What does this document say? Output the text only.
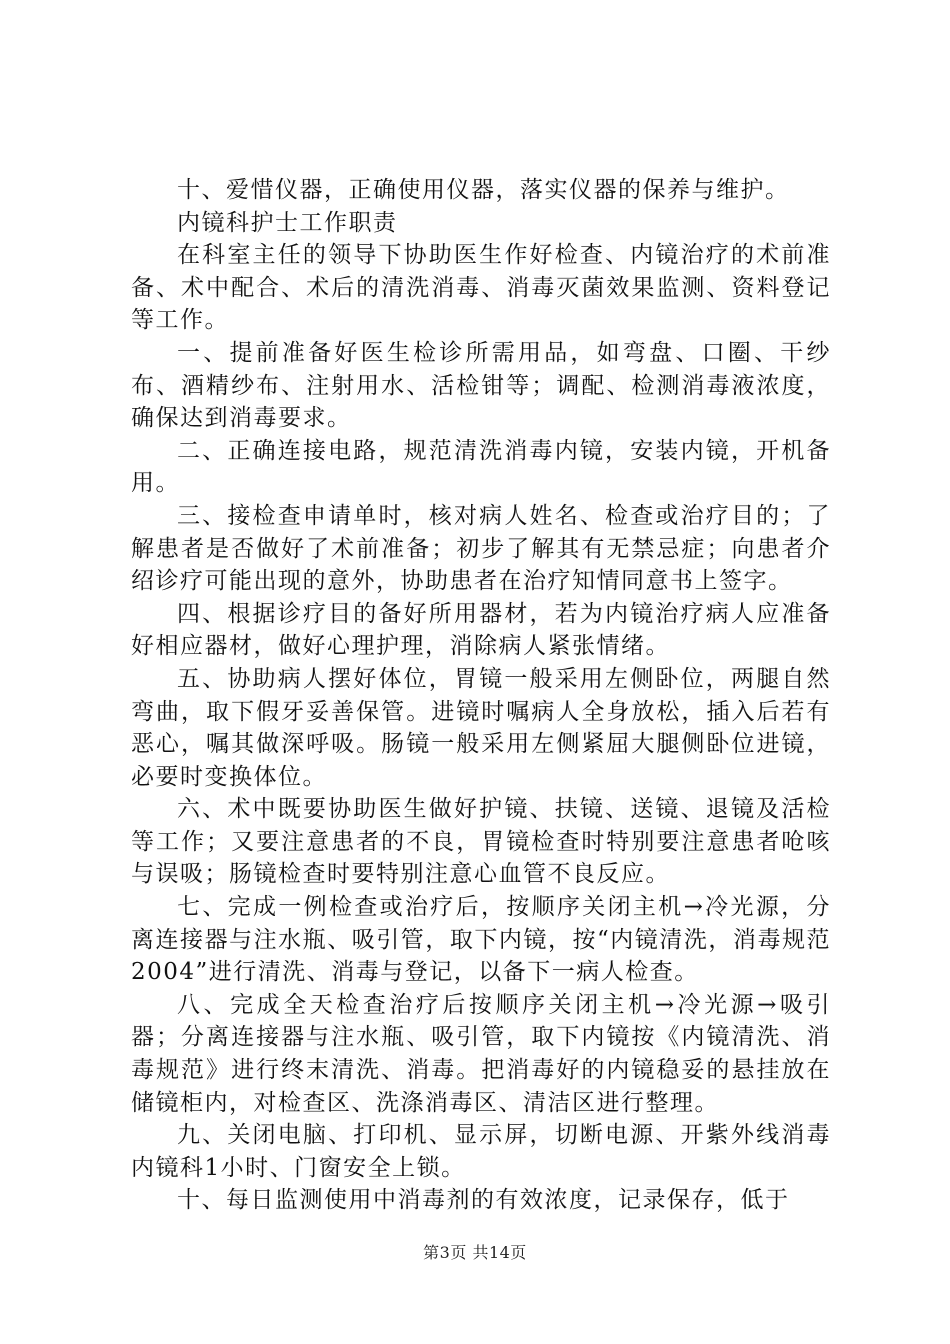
十、爱惜仪器，正确使用仪器，落实仪器的保养与维护。

内镜科护士工作职责

在科室主任的领导下协助医生作好检查、内镜治疗的术前准备、术中配合、术后的清洗消毒、消毒灭菌效果监测、资料登记等工作。

一、提前准备好医生检诊所需用品，如弯盘、口圈、干纱布、酒精纱布、注射用水、活检钳等；调配、检测消毒液浓度，确保达到消毒要求。

二、正确连接电路，规范清洗消毒内镜，安装内镜，开机备用。

三、接检查申请单时，核对病人姓名、检查或治疗目的；了解患者是否做好了术前准备；初步了解其有无禁忌症；向患者介绍诊疗可能出现的意外，协助患者在治疗知情同意书上签字。

四、根据诊疗目的备好所用器材，若为内镜治疗病人应准备好相应器材，做好心理护理，消除病人紧张情绪。

五、协助病人摆好体位，胃镜一般采用左侧卧位，两腿自然弯曲，取下假牙妥善保管。进镜时嘱病人全身放松，插入后若有恶心，嘱其做深呼吸。肠镜一般采用左侧紧屈大腿侧卧位进镜，必要时变换体位。

六、术中既要协助医生做好护镜、扶镜、送镜、退镜及活检等工作；又要注意患者的不良，胃镜检查时特别要注意患者呛咳与误吸；肠镜检查时要特别注意心血管不良反应。

七、完成一例检查或治疗后，按顺序关闭主机→冷光源，分离连接器与注水瓶、吸引管，取下内镜，按“内镜清洗，消毒规范2004”进行清洗、消毒与登记，以备下一病人检查。

八、完成全天检查治疗后按顺序关闭主机→冷光源→吸引器；分离连接器与注水瓶、吸引管，取下内镜按《内镜清洗、消毒规范》进行终末清洗、消毒。把消毒好的内镜稳妥的悬挂放在储镜柜内，对检查区、洗涤消毒区、清洁区进行整理。

九、关闭电脑、打印机、显示屏，切断电源、开紫外线消毒内镜科1小时、门窗安全上锁。

十、每日监测使用中消毒剂的有效浓度，记录保存，低于

第3页 共14页
